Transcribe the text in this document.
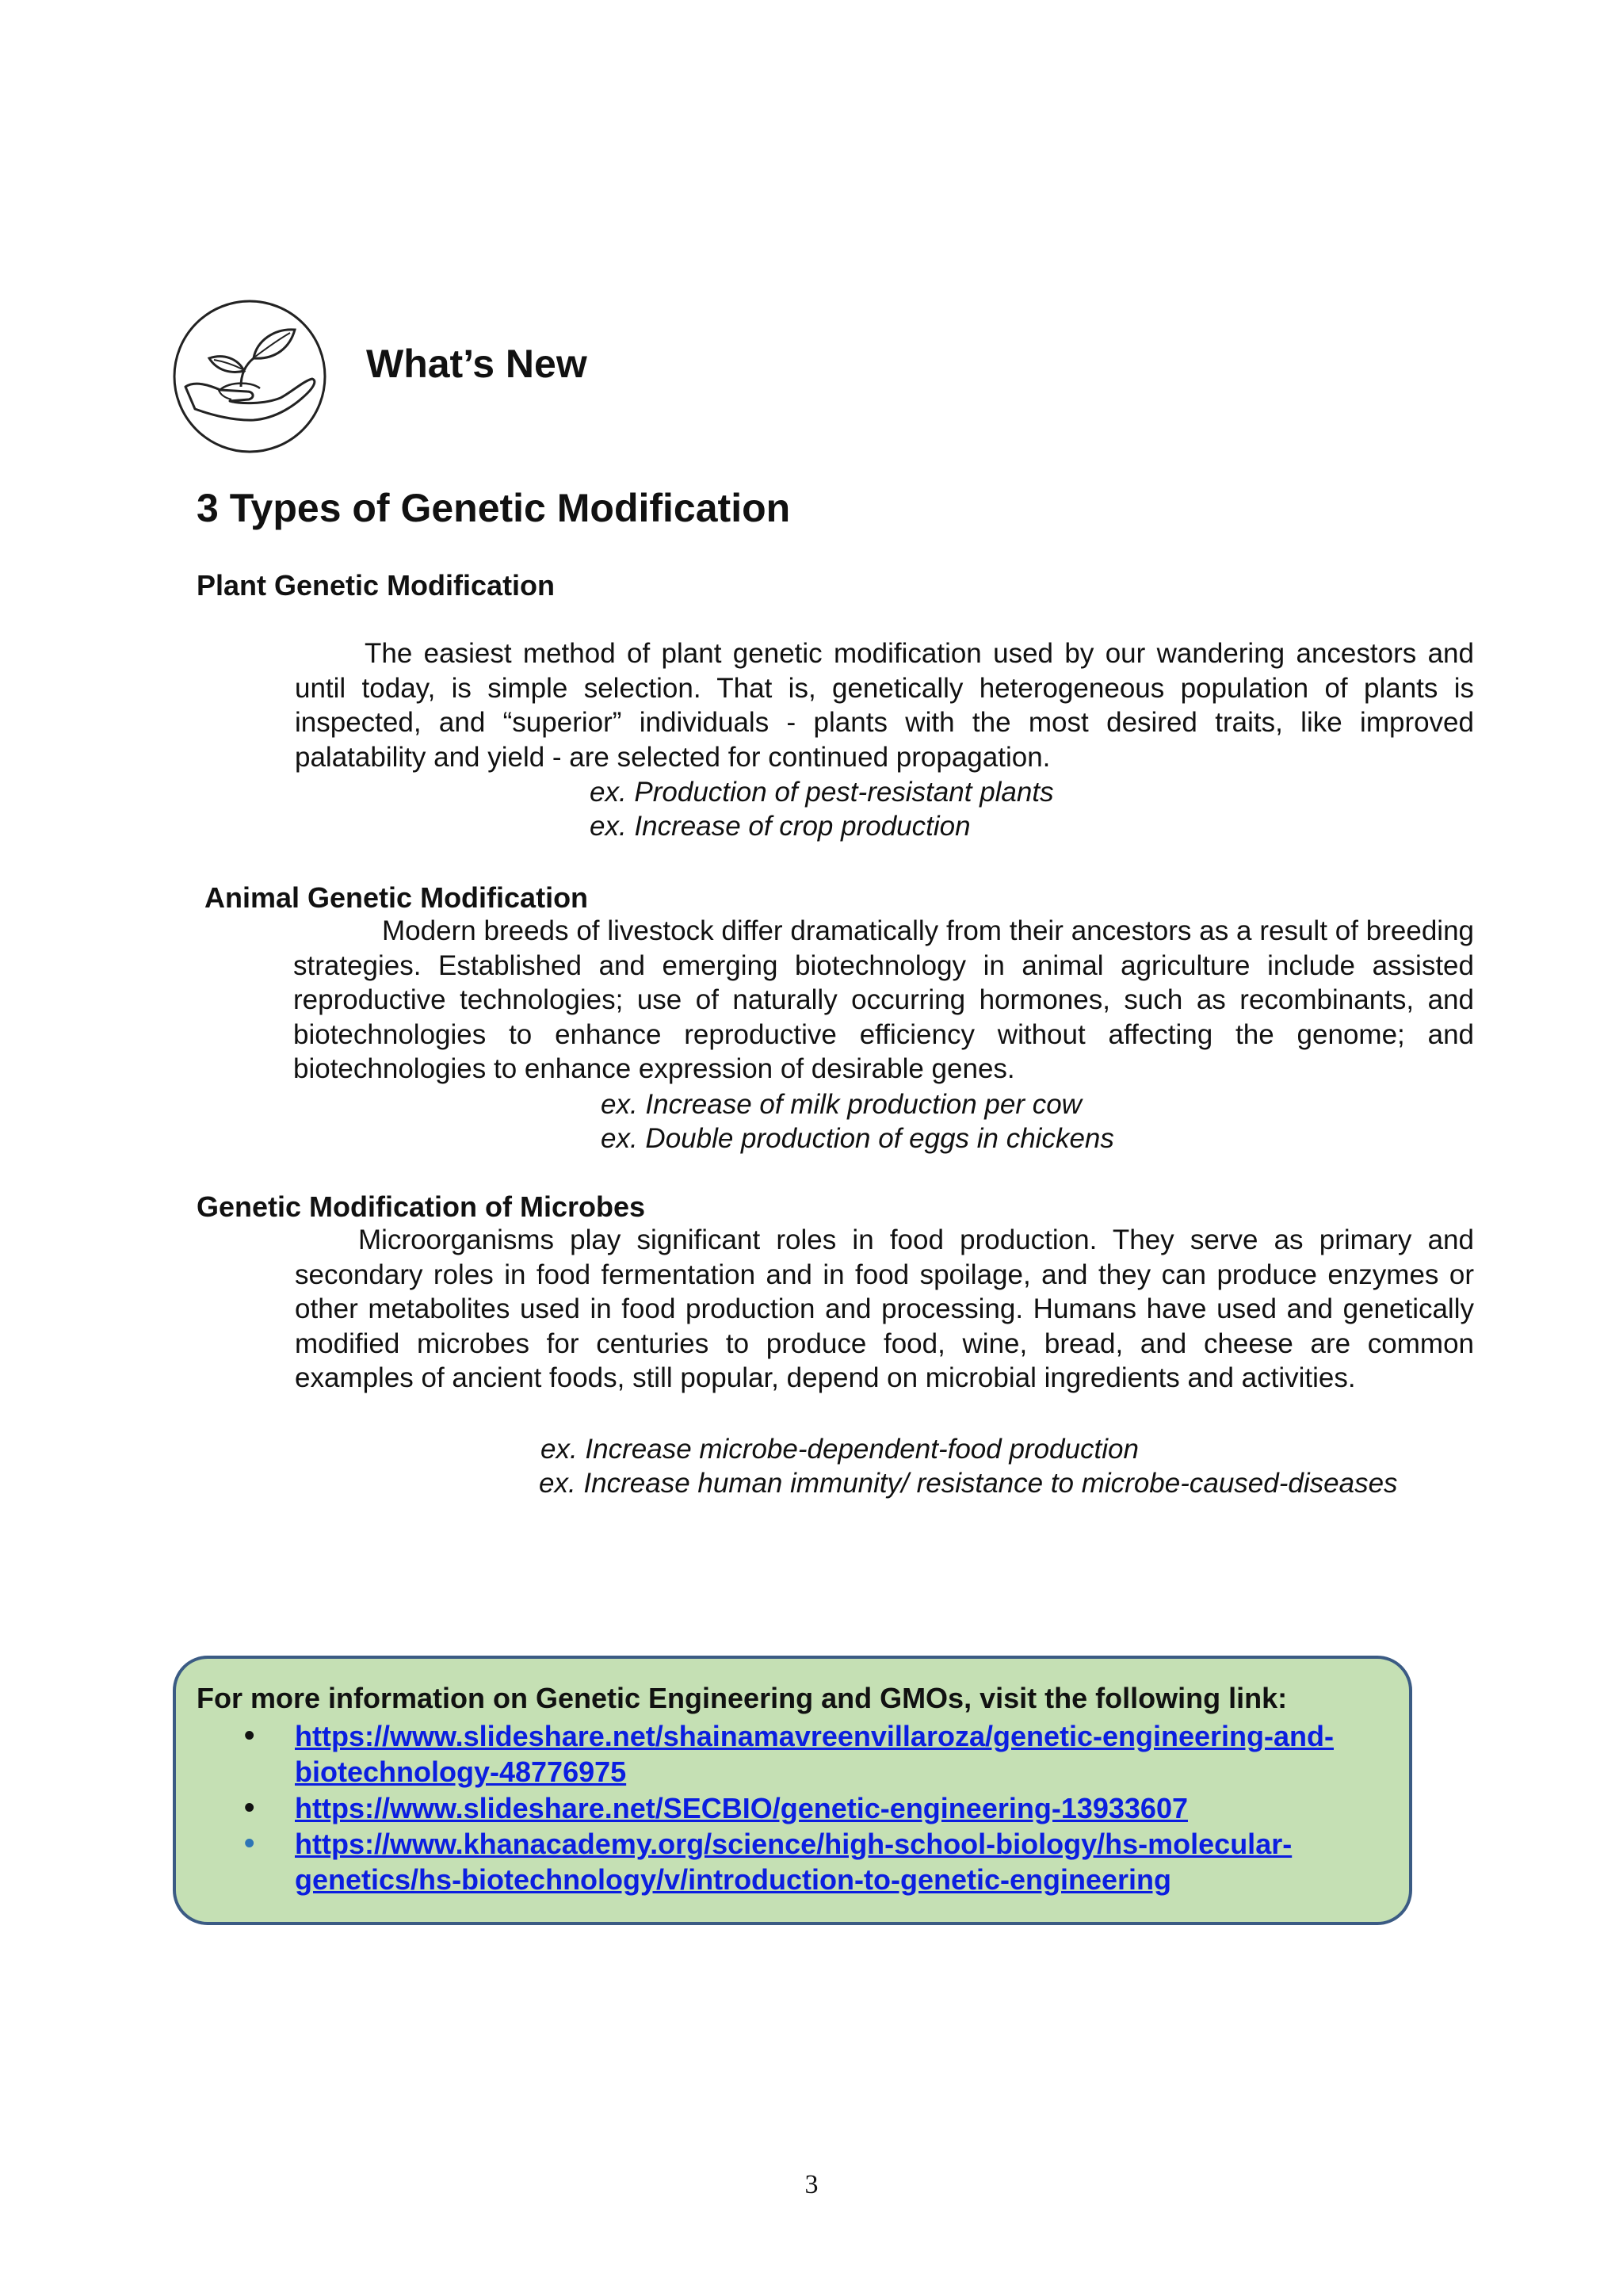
What’s New
3 Types of Genetic Modification
Plant Genetic Modification
The easiest method of plant genetic modification used by our wandering ancestors and until today, is simple selection. That is, genetically heterogeneous population of plants is inspected, and “superior” individuals - plants with the most desired traits, like improved palatability and yield - are selected for continued propagation.
ex. Production of pest-resistant plants
ex. Increase of crop production
Animal Genetic Modification
Modern breeds of livestock differ dramatically from their ancestors as a result of breeding strategies. Established and emerging biotechnology in animal agriculture include assisted reproductive technologies; use of naturally occurring hormones, such as recombinants, and biotechnologies to enhance reproductive efficiency without affecting the genome; and biotechnologies to enhance expression of desirable genes.
ex. Increase of milk production per cow
ex. Double production of eggs in chickens
Genetic Modification of Microbes
Microorganisms play significant roles in food production. They serve as primary and secondary roles in food fermentation and in food spoilage, and they can produce enzymes or other metabolites used in food production and processing. Humans have used and genetically modified microbes for centuries to produce food, wine, bread, and cheese are common examples of ancient foods, still popular, depend on microbial ingredients and activities.
ex. Increase microbe-dependent-food production
ex. Increase human immunity/ resistance to microbe-caused-diseases
For more information on Genetic Engineering and GMOs, visit the following link:
• https://www.slideshare.net/shainamavreenvillaroza/genetic-engineering-and-biotechnology-48776975
• https://www.slideshare.net/SECBIO/genetic-engineering-13933607
• https://www.khanacademy.org/science/high-school-biology/hs-molecular-genetics/hs-biotechnology/v/introduction-to-genetic-engineering
3
